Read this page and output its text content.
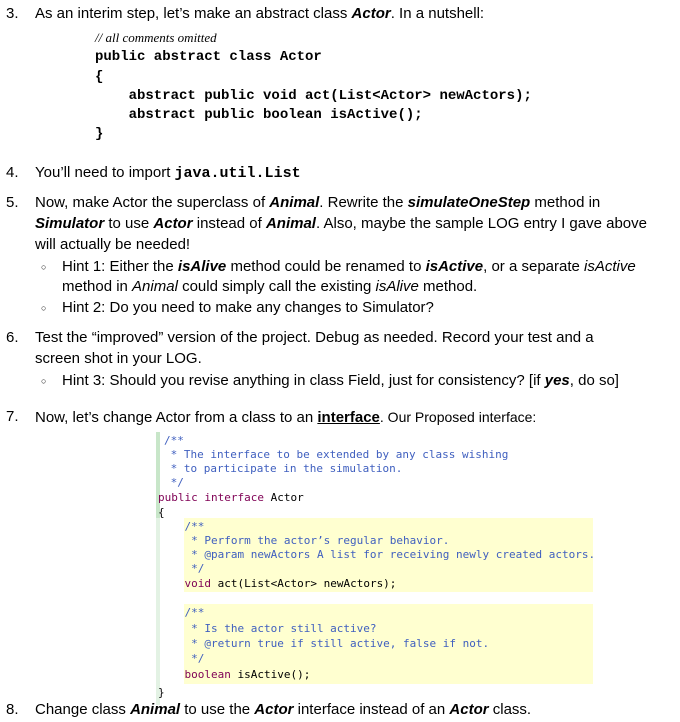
3. As an interim step, let’s make an abstract class Actor. In a nutshell:
// all comments omitted
public abstract class Actor
{
abstract public void act(List<Actor> newActors);
abstract public boolean isActive();
}
4. You’ll need to import java.util.List
5. Now, make Actor the superclass of Animal. Rewrite the simulateOneStep method in
Simulator to use Actor instead of Animal. Also, maybe the sample LOG entry I gave above
will actually be needed!
○ Hint 1: Either the isAlive method could be renamed to isActive, or a separate isActive
method in Animal could simply call the existing isAlive method.
○ Hint 2: Do you need to make any changes to Simulator?
6. Test the “improved” version of the project. Debug as needed. Record your test and a
screen shot in your LOG.
○ Hint 3: Should you revise anything in class Field, just for consistency? [if yes, do so]
7. Now, let’s change Actor from a class to an interface. Our Proposed interface:
/**
* The interface to be extended by any class wishing
* to participate in the simulation.
*/
public interface Actor
{
/**
* Perform the actor’s regular behavior.
* @param newActors A list for receiving newly created actors.
*/
void act(List<Actor> newActors);
/**
* Is the actor still active?
* @return true if still active, false if not.
*/
boolean isActive();
}
8. Change class Animal to use the Actor interface instead of an Actor class.
